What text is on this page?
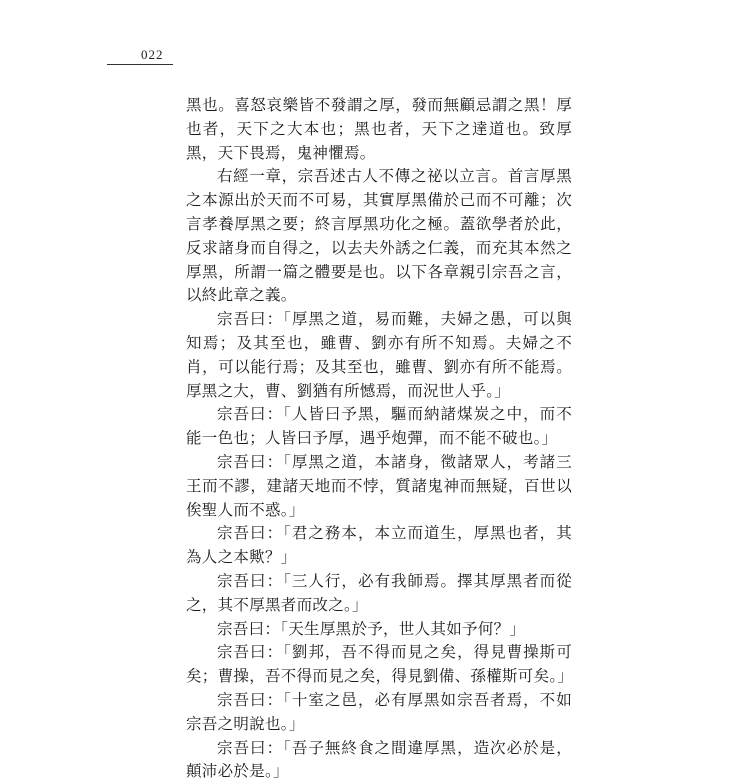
022

黑也。喜怒哀樂皆不發謂之厚，發而無顧忌謂之黑！厚也者，天下之大本也；黑也者，天下之達道也。致厚黑，天下畏焉，鬼神懼焉。

右經一章，宗吾述古人不傳之祕以立言。首言厚黑之本源出於天而不可易，其實厚黑備於己而不可離；次言孝養厚黑之要；終言厚黑功化之極。蓋欲學者於此，反求諸身而自得之，以去夫外誘之仁義，而充其本然之厚黑，所謂一篇之體要是也。以下各章親引宗吾之言，以終此章之義。

宗吾曰：「厚黑之道，易而難，夫婦之愚，可以與知焉；及其至也，雖曹、劉亦有所不知焉。夫婦之不肖，可以能行焉；及其至也，雖曹、劉亦有所不能焉。厚黑之大，曹、劉猶有所憾焉，而況世人乎。」

宗吾曰：「人皆曰予黑，驅而納諸煤炭之中，而不能一色也；人皆曰予厚，遇乎炮彈，而不能不破也。」

宗吾曰：「厚黑之道，本諸身，徵諸眾人，考諸三王而不謬，建諸天地而不悖，質諸鬼神而無疑，百世以俟聖人而不惑。」

宗吾曰：「君之務本，本立而道生，厚黑也者，其為人之本歟？」

宗吾曰：「三人行，必有我師焉。擇其厚黑者而從之，其不厚黑者而改之。」

宗吾曰：「天生厚黑於予，世人其如予何？」

宗吾曰：「劉邦，吾不得而見之矣，得見曹操斯可矣；曹操，吾不得而見之矣，得見劉備、孫權斯可矣。」

宗吾曰：「十室之邑，必有厚黑如宗吾者焉，不如宗吾之明說也。」

宗吾曰：「吾子無終食之間違厚黑，造次必於是，顛沛必於是。」
